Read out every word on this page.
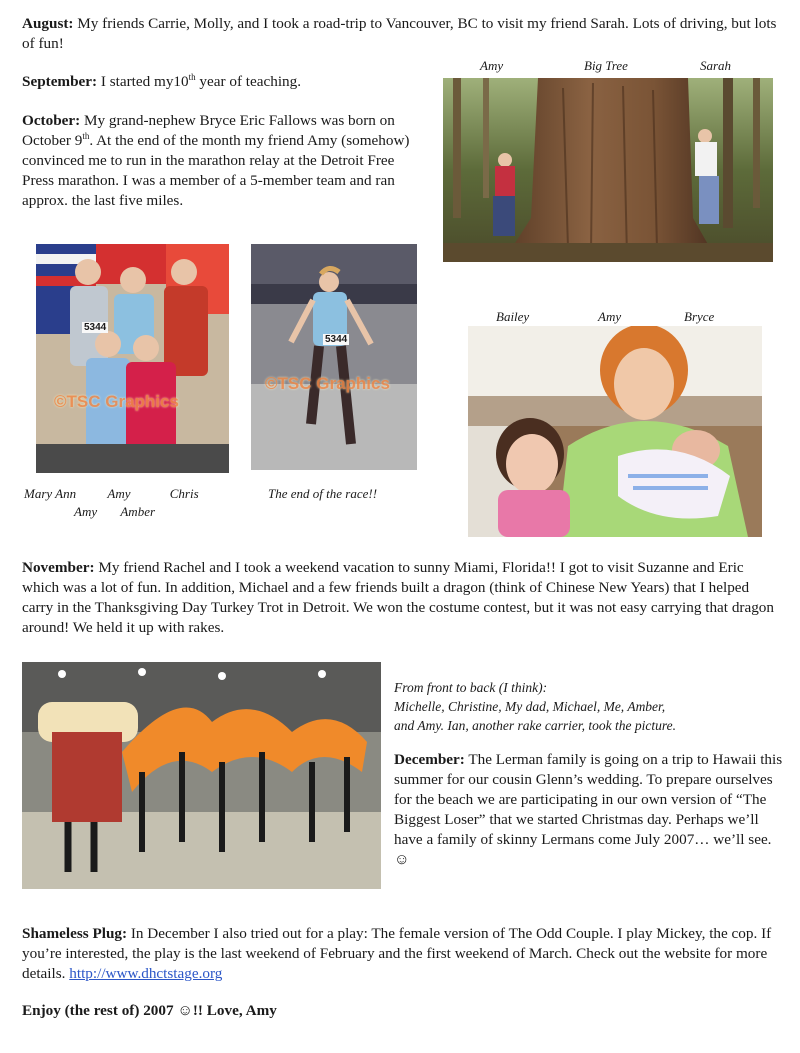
August: My friends Carrie, Molly, and I took a road-trip to Vancouver, BC to visit my friend Sarah. Lots of driving, but lots of fun!

September: I started my10th year of teaching.

October: My grand-nephew Bryce Eric Fallows was born on October 9th. At the end of the month my friend Amy (somehow) convinced me to run in the marathon relay at the Detroit Free Press marathon. I was a member of a 5-member team and ran approx. the last five miles.

Amy	Big Tree	Sarah
5344
©TSC Graphics
Mary Ann Amy	Chris
Amy Amber
5344
©TSC Graphics
The end of the race!!
Bailey	Amy	Bryce

November: My friend Rachel and I took a weekend vacation to sunny Miami, Florida!! I got to visit Suzanne and Eric which was a lot of fun. In addition, Michael and a few friends built a dragon (think of Chinese New Years) that I helped carry in the Thanksgiving Day Turkey Trot in Detroit. We won the costume contest, but it was not easy carrying that dragon around! We held it up with rakes.

From front to back (I think):
Michelle, Christine, My dad, Michael, Me, Amber,
and Amy. Ian, another rake carrier, took the picture.

December: The Lerman family is going on a trip to Hawaii this summer for our cousin Glenn’s wedding. To prepare ourselves for the beach we are participating in our own version of “The Biggest Loser” that we started Christmas day. Perhaps we’ll have a family of skinny Lermans come July 2007… we’ll see. ☺

Shameless Plug: In December I also tried out for a play: The female version of The Odd Couple. I play Mickey, the cop. If you’re interested, the play is the last weekend of February and the first weekend of March. Check out the website for more details. http://www.dhctstage.org

Enjoy (the rest of) 2007 ☺!! Love, Amy
